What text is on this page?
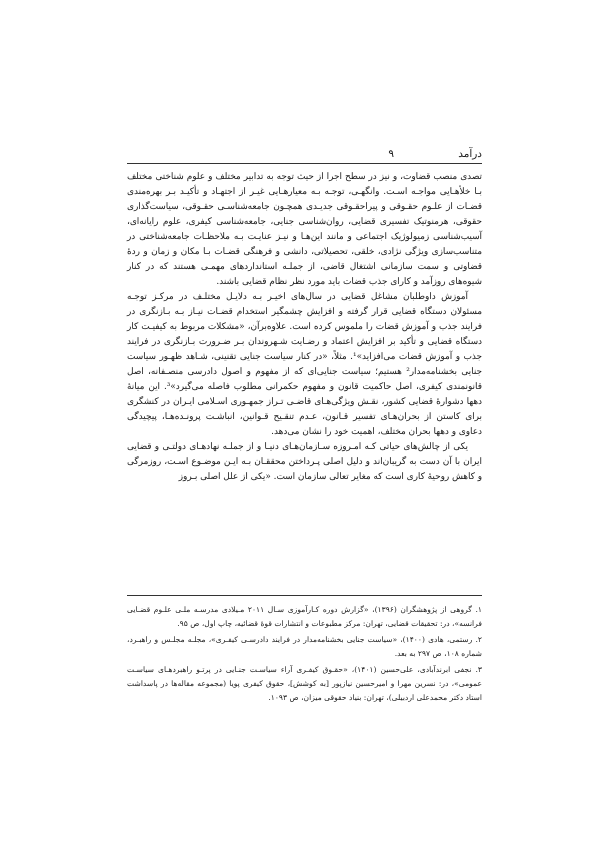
درآمد
۹

تصدی منصب قضاوت، و نیز در سطح اجرا از حیث توجه به تدابیر مختلف و علوم شناختی مختلف بـا خلأهـایی مواجـه اسـت. وانگهـی، توجـه بـه معیارهـایی غیـر از اجتهـاد و تأکیـد بـر بهره‌مندی قضـات از علـوم حقـوقی و پیراحقـوقی جدیـدی همچـون جامعه‌شناسـی حقـوقی، سیاست‌گذاری حقوقی، هرمنوتیک تفسیری قضایی، روان‌شناسی جنایی، جامعه‌شناسی کیفری، علوم رایانه‌ای، آسیب‌شناسی زمیولوژیک اجتماعی و مانند این‌هـا و نیـز عنایـت بـه ملاحظـات جامعه‌شناختی در متناسب‌سازی ویژگی نژادی، خلقی، تحصیلاتی، دانشی و فرهنگی قضـات بـا مکان و زمان و ردهٔ قضاوتی و سمت سازمانی اشتغال قاضی، از جملـه استانداردهای مهمـی هستند که در کنار شیوه‌های روزآمد و کارای جذب قضات باید مورد نظر نظام قضایی باشند.

آموزش داوطلبان مشاغل قضایی در سال‌های اخیـر بـه دلایـل مختلـف در مرکـز توجـه مسئولان دستگاه قضایی قرار گرفته و افزایش چشمگیر استخدام قضـات نیـاز بـه بـازنگری در فرایند جذب و آموزش قضات را ملموس کرده است. علاوه‌برآن، «مشکلات مربوط به کیفیـت کار دستگاه قضایی و تأکید بر افزایش اعتماد و رضـایت شـهروندان بـر ضـرورت بـازنگری در فرایند جذب و آموزش قضات می‌افزاید»¹. مثلاً، «در کنار سیاست جنایی تقنینی، شـاهد ظهـور سیاست جنایی بخشنامه‌مدار² هستیم؛ سیاست جنایی‌ای که از مفهوم و اصول دادرسی منصـفانه، اصل قانونمندی کیفری، اصل حاکمیت قانون و مفهوم حکمرانی مطلوب فاصله می‌گیرد»³. این میانهٔ دهها دشوارهٔ قضایی کشور، نقـش ویژگی‌هـای قاضـی تـراز جمهـوری اسـلامی ایـران در کنشگری برای کاستن از بحران‌هـای تفسیر قـانون، عـدم تنقـیح قـوانین، انباشـت پرونـده‌هـا، پیچیدگی دعاوی و دهها بحران مختلف، اهمیت خود را نشان می‌دهد.

یکی از چالش‌های حیاتی کـه امـروزه سـازمان‌هـای دنیـا و از جملـه نهادهـای دولتـی و قضایی ایران با آن دست به گریبان‌اند و دلیل اصلی پـرداختن محققـان بـه ایـن موضـوع اسـت، روزمرگی و کاهش روحیهٔ کاری است که مغایر تعالی سازمان است. «یکی از علل اصلی بـروز

۱. گروهی از پژوهشگران (۱۳۹۶)، «گزارش دوره کـارآموزی سـال ۲۰۱۱ مـیلادی مدرسـه ملـی علـوم قضـایی فرانسه»، در: تحقیقات قضایی، تهران: مرکز مطبوعات و انتشارات قوهٔ قضائیه، چاپ اول، ص ۹۵.

۲. رستمی، هادی (۱۴۰۰)، «سیاست جنایی بخشنامه‌مدار در فرایند دادرسـی کیفـری»، مجلـه مجلـس و راهبـرد، شماره ۱۰۸، ص ۲۹۷ به بعد.

۳. نجفی ابرندآبادی، علی‌حسین (۱۴۰۱)، «حقـوق کیفـری آراء سیاسـت جنـایی در پرتـو راهبردهـای سیاسـت عمومی»، در: نسرین مهرا و امیرحسین نیازپور [به کوشش]، حقوق کیفری پویا (مجموعه مقاله‌ها در پاسداشت استاد دکتر محمدعلی اردبیلی)، تهران: بنیاد حقوقی میزان، ص ۱۰۹۳.
